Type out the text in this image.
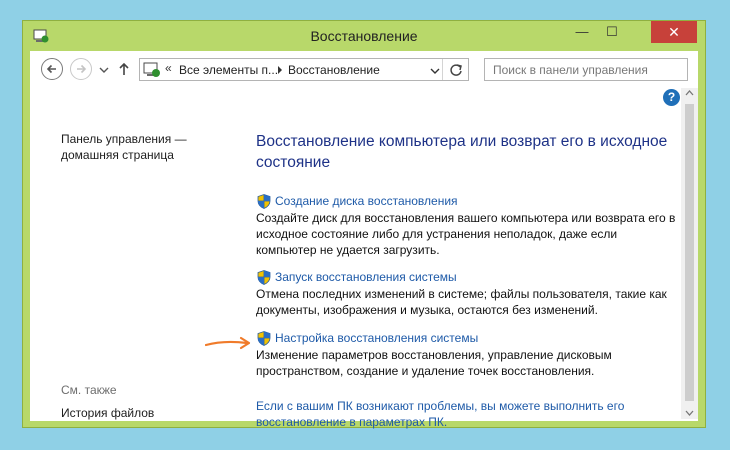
Восстановление	—	☐	✕
« Все элементы п... Восстановление	Поиск в панели управления
?
Панель управления — домашняя страница
См. также
История файлов
Восстановление компьютера или возврат его в исходное состояние
Создание диска восстановления
Создайте диск для восстановления вашего компьютера или возврата его в исходное состояние либо для устранения неполадок, даже если компьютер не удается загрузить.
Запуск восстановления системы
Отмена последних изменений в системе; файлы пользователя, такие как документы, изображения и музыка, остаются без изменений.
Настройка восстановления системы
Изменение параметров восстановления, управление дисковым пространством, создание и удаление точек восстановления.
Если с вашим ПК возникают проблемы, вы можете выполнить его восстановление в параметрах ПК.
